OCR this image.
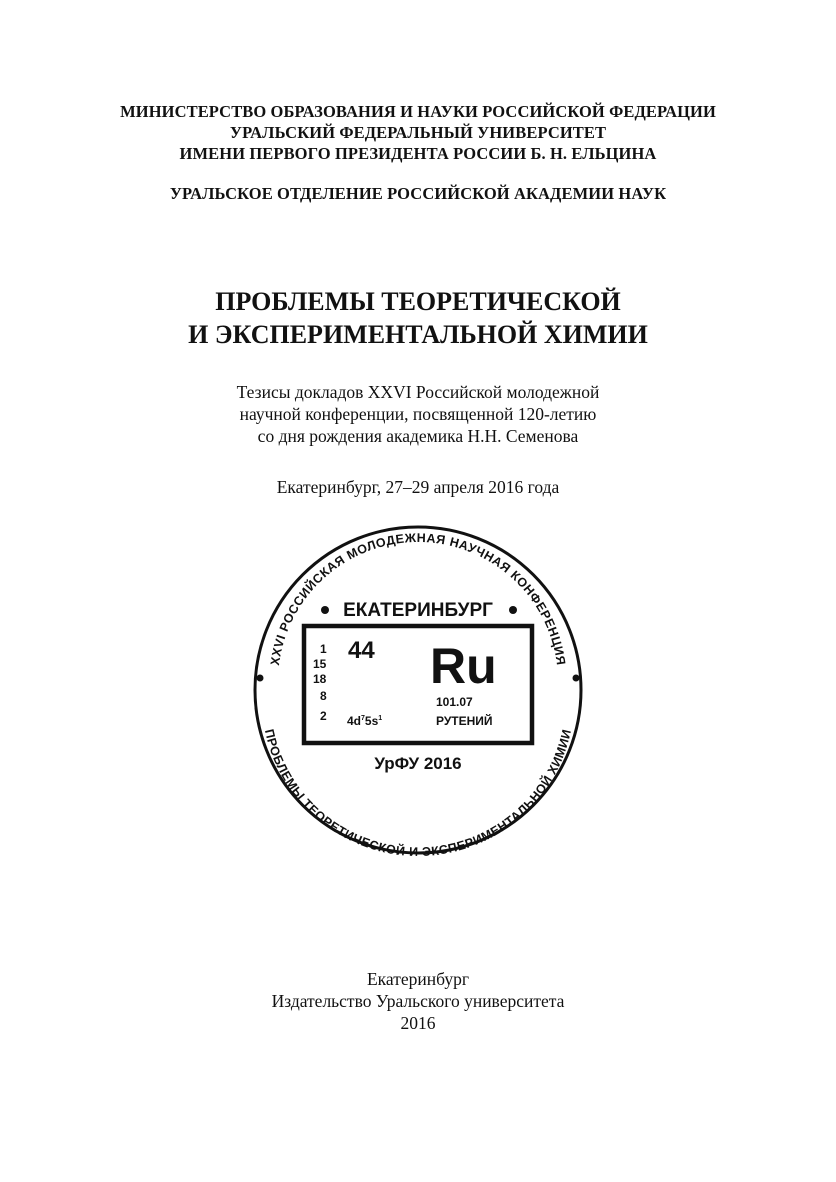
МИНИСТЕРСТВО ОБРАЗОВАНИЯ И НАУКИ РОССИЙСКОЙ ФЕДЕРАЦИИ
УРАЛЬСКИЙ ФЕДЕРАЛЬНЫЙ УНИВЕРСИТЕТ
ИМЕНИ ПЕРВОГО ПРЕЗИДЕНТА РОССИИ Б. Н. ЕЛЬЦИНА
УРАЛЬСКОЕ ОТДЕЛЕНИЕ РОССИЙСКОЙ АКАДЕМИИ НАУК
ПРОБЛЕМЫ ТЕОРЕТИЧЕСКОЙ
И ЭКСПЕРИМЕНТАЛЬНОЙ ХИМИИ
Тезисы докладов XXVI Российской молодежной
научной конференции, посвященной 120-летию
со дня рождения академика Н.Н. Семенова
Екатеринбург, 27–29 апреля 2016 года
XXVI РОССИЙСКАЯ МОЛОДЕЖНАЯ НАУЧНАЯ КОНФЕРЕНЦИЯ
ПРОБЛЕМЫ ТЕОРЕТИЧЕСКОЙ И ЭКСПЕРИМЕНТАЛЬНОЙ ХИМИИ
ЕКАТЕРИНБУРГ
1
15
18
8
2
44 Ru
101.07
РУТЕНИЙ
$4d^75s^1$
УрФУ 2016
Екатеринбург
Издательство Уральского университета
2016
